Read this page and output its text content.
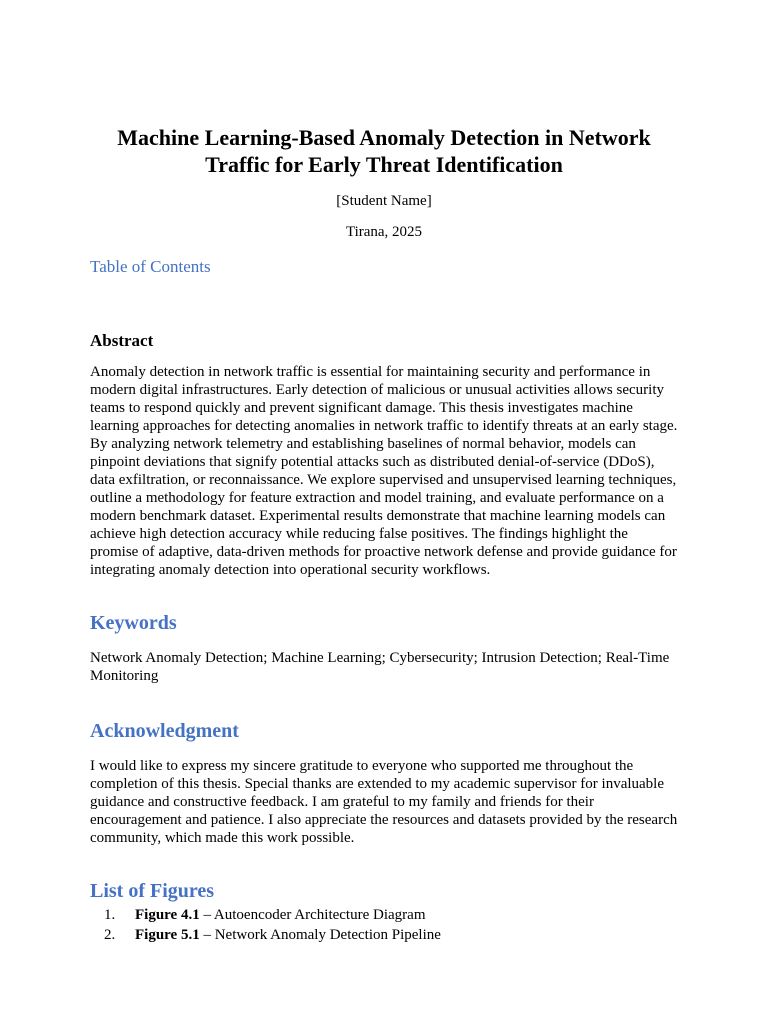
Machine Learning-Based Anomaly Detection in Network Traffic for Early Threat Identification
[Student Name]
Tirana, 2025
Table of Contents
Abstract

Anomaly detection in network traffic is essential for maintaining security and performance in modern digital infrastructures. Early detection of malicious or unusual activities allows security teams to respond quickly and prevent significant damage. This thesis investigates machine learning approaches for detecting anomalies in network traffic to identify threats at an early stage. By analyzing network telemetry and establishing baselines of normal behavior, models can pinpoint deviations that signify potential attacks such as distributed denial-of-service (DDoS), data exfiltration, or reconnaissance. We explore supervised and unsupervised learning techniques, outline a methodology for feature extraction and model training, and evaluate performance on a modern benchmark dataset. Experimental results demonstrate that machine learning models can achieve high detection accuracy while reducing false positives. The findings highlight the promise of adaptive, data-driven methods for proactive network defense and provide guidance for integrating anomaly detection into operational security workflows.

Keywords

Network Anomaly Detection; Machine Learning; Cybersecurity; Intrusion Detection; Real-Time Monitoring

Acknowledgment

I would like to express my sincere gratitude to everyone who supported me throughout the completion of this thesis. Special thanks are extended to my academic supervisor for invaluable guidance and constructive feedback. I am grateful to my family and friends for their encouragement and patience. I also appreciate the resources and datasets provided by the research community, which made this work possible.

List of Figures
1. Figure 4.1 – Autoencoder Architecture Diagram
2. Figure 5.1 – Network Anomaly Detection Pipeline
